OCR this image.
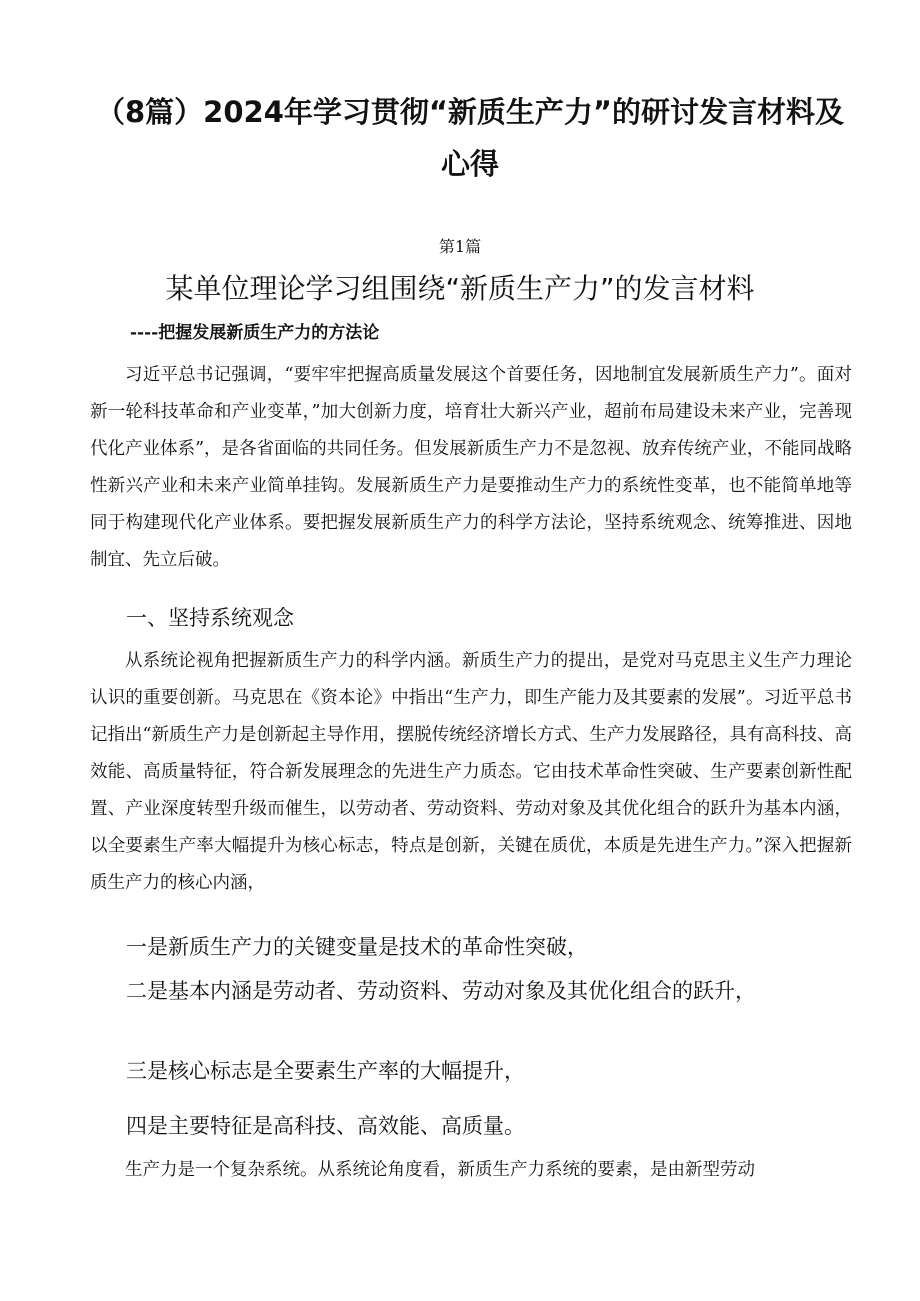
（8篇）2024年学习贯彻“新质生产力”的研讨发言材料及心得
第1篇
某单位理论学习组围绕“新质生产力”的发言材料
----把握发展新质生产力的方法论

习近平总书记强调，“要牢牢把握高质量发展这个首要任务，因地制宜发展新质生产力”。面对新一轮科技革命和产业变革，”加大创新力度，培育壮大新兴产业，超前布局建设未来产业，完善现代化产业体系”，是各省面临的共同任务。但发展新质生产力不是忽视、放弃传统产业，不能同战略性新兴产业和未来产业简单挂钩。发展新质生产力是要推动生产力的系统性变革，也不能简单地等同于构建现代化产业体系。要把握发展新质生产力的科学方法论，坚持系统观念、统筹推进、因地制宜、先立后破。

一、坚持系统观念

从系统论视角把握新质生产力的科学内涵。新质生产力的提出，是党对马克思主义生产力理论认识的重要创新。马克思在《资本论》中指出“生产力，即生产能力及其要素的发展”。习近平总书记指出“新质生产力是创新起主导作用，摆脱传统经济增长方式、生产力发展路径，具有高科技、高效能、高质量特征，符合新发展理念的先进生产力质态。它由技术革命性突破、生产要素创新性配置、产业深度转型升级而催生，以劳动者、劳动资料、劳动对象及其优化组合的跃升为基本内涵，以全要素生产率大幅提升为核心标志，特点是创新，关键在质优，本质是先进生产力。”深入把握新质生产力的核心内涵，

一是新质生产力的关键变量是技术的革命性突破，

二是基本内涵是劳动者、劳动资料、劳动对象及其优化组合的跃升，

三是核心标志是全要素生产率的大幅提升，

四是主要特征是高科技、高效能、高质量。

生产力是一个复杂系统。从系统论角度看，新质生产力系统的要素，是由新型劳动
